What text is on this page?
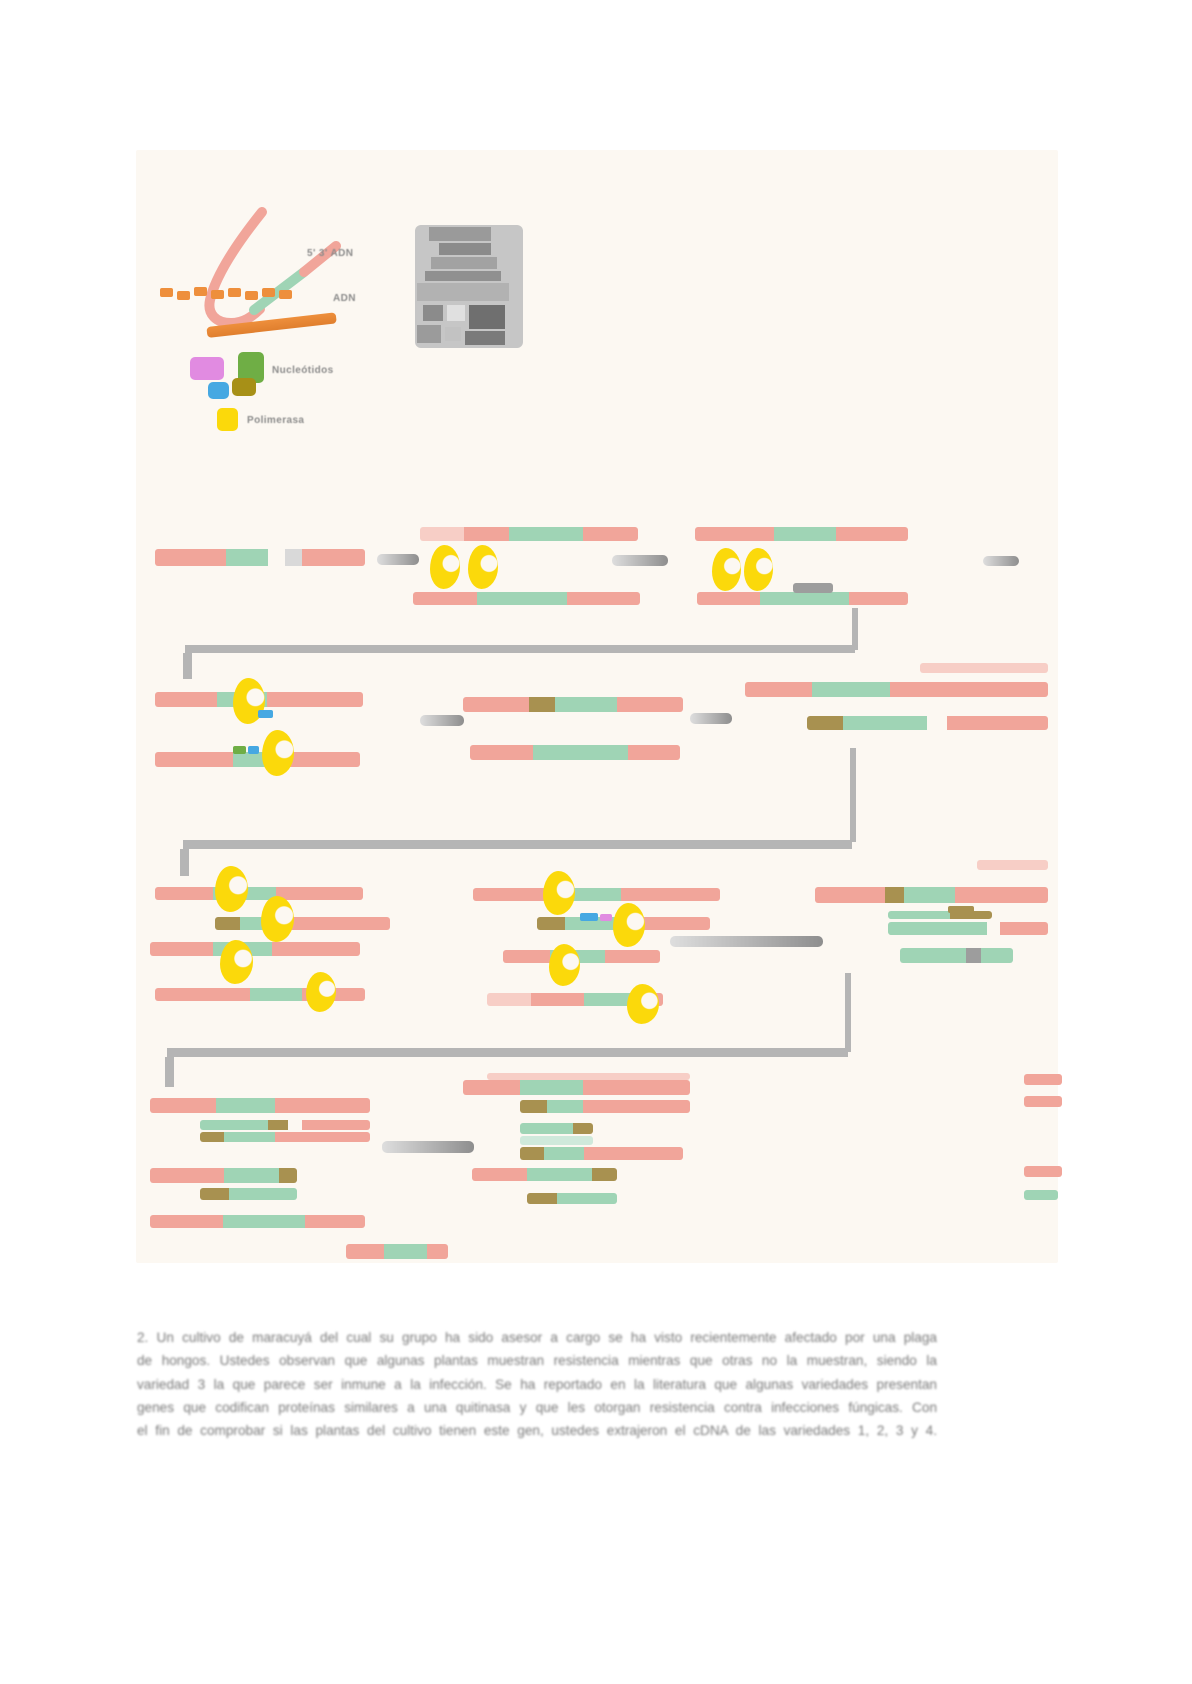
5' 3' ADN
ADN
Nucleótidos
Polimerasa

2. Un cultivo de maracuyá del cual su grupo ha sido asesor a cargo se ha visto recientemente afectado por una plaga

de hongos. Ustedes observan que algunas plantas muestran resistencia mientras que otras no la muestran, siendo la

variedad 3 la que parece ser inmune a la infección. Se ha reportado en la literatura que algunas variedades presentan

genes que codifican proteínas similares a una quitinasa y que les otorgan resistencia contra infecciones fúngicas. Con

el fin de comprobar si las plantas del cultivo tienen este gen, ustedes extrajeron el cDNA de las variedades 1, 2, 3 y 4.
